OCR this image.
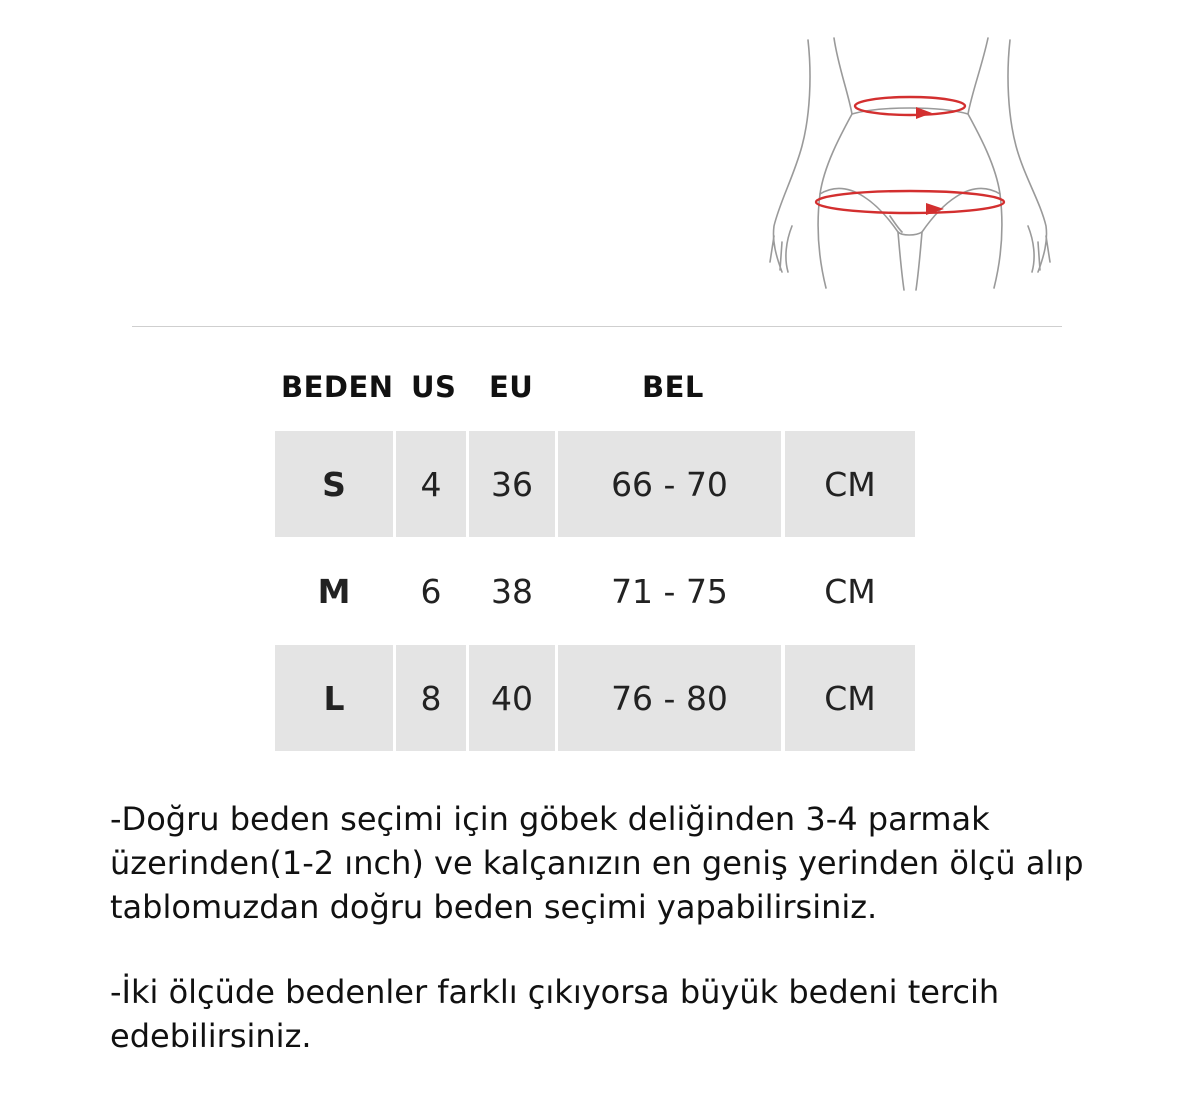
BEDEN US EU	BEL
S	4	36	66 - 70	CM
M	6	38	71 - 75	CM
L	8	40	76 - 80	CM

-Doğru beden seçimi için göbek deliğinden 3-4 parmak

üzerinden(1-2 ınch) ve kalçanızın en geniş yerinden ölçü alıp

tablomuzdan doğru beden seçimi yapabilirsiniz.

-İki ölçüde bedenler farklı çıkıyorsa büyük bedeni tercih

edebilirsiniz.
